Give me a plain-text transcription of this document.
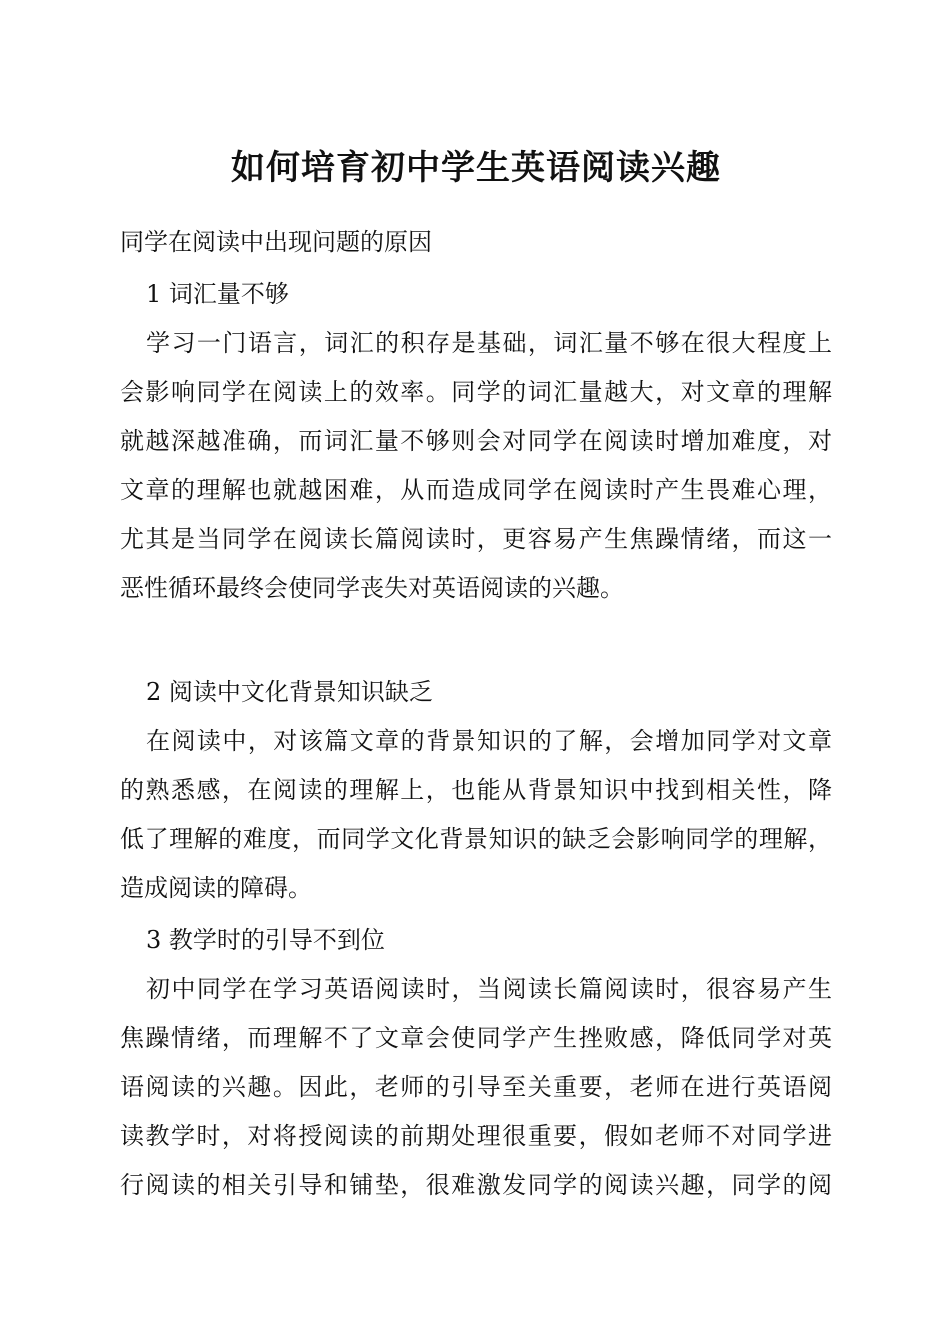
如何培育初中学生英语阅读兴趣

同学在阅读中出现问题的原因

1 词汇量不够

学习一门语言，词汇的积存是基础，词汇量不够在很大程度上

会影响同学在阅读上的效率。同学的词汇量越大，对文章的理解

就越深越准确，而词汇量不够则会对同学在阅读时增加难度，对

文章的理解也就越困难，从而造成同学在阅读时产生畏难心理，

尤其是当同学在阅读长篇阅读时，更容易产生焦躁情绪，而这一

恶性循环最终会使同学丧失对英语阅读的兴趣。

2 阅读中文化背景知识缺乏

在阅读中，对该篇文章的背景知识的了解，会增加同学对文章

的熟悉感，在阅读的理解上，也能从背景知识中找到相关性，降

低了理解的难度，而同学文化背景知识的缺乏会影响同学的理解，

造成阅读的障碍。

3 教学时的引导不到位

初中同学在学习英语阅读时，当阅读长篇阅读时，很容易产生

焦躁情绪，而理解不了文章会使同学产生挫败感，降低同学对英

语阅读的兴趣。因此，老师的引导至关重要，老师在进行英语阅

读教学时，对将授阅读的前期处理很重要，假如老师不对同学进

行阅读的相关引导和铺垫，很难激发同学的阅读兴趣，同学的阅
